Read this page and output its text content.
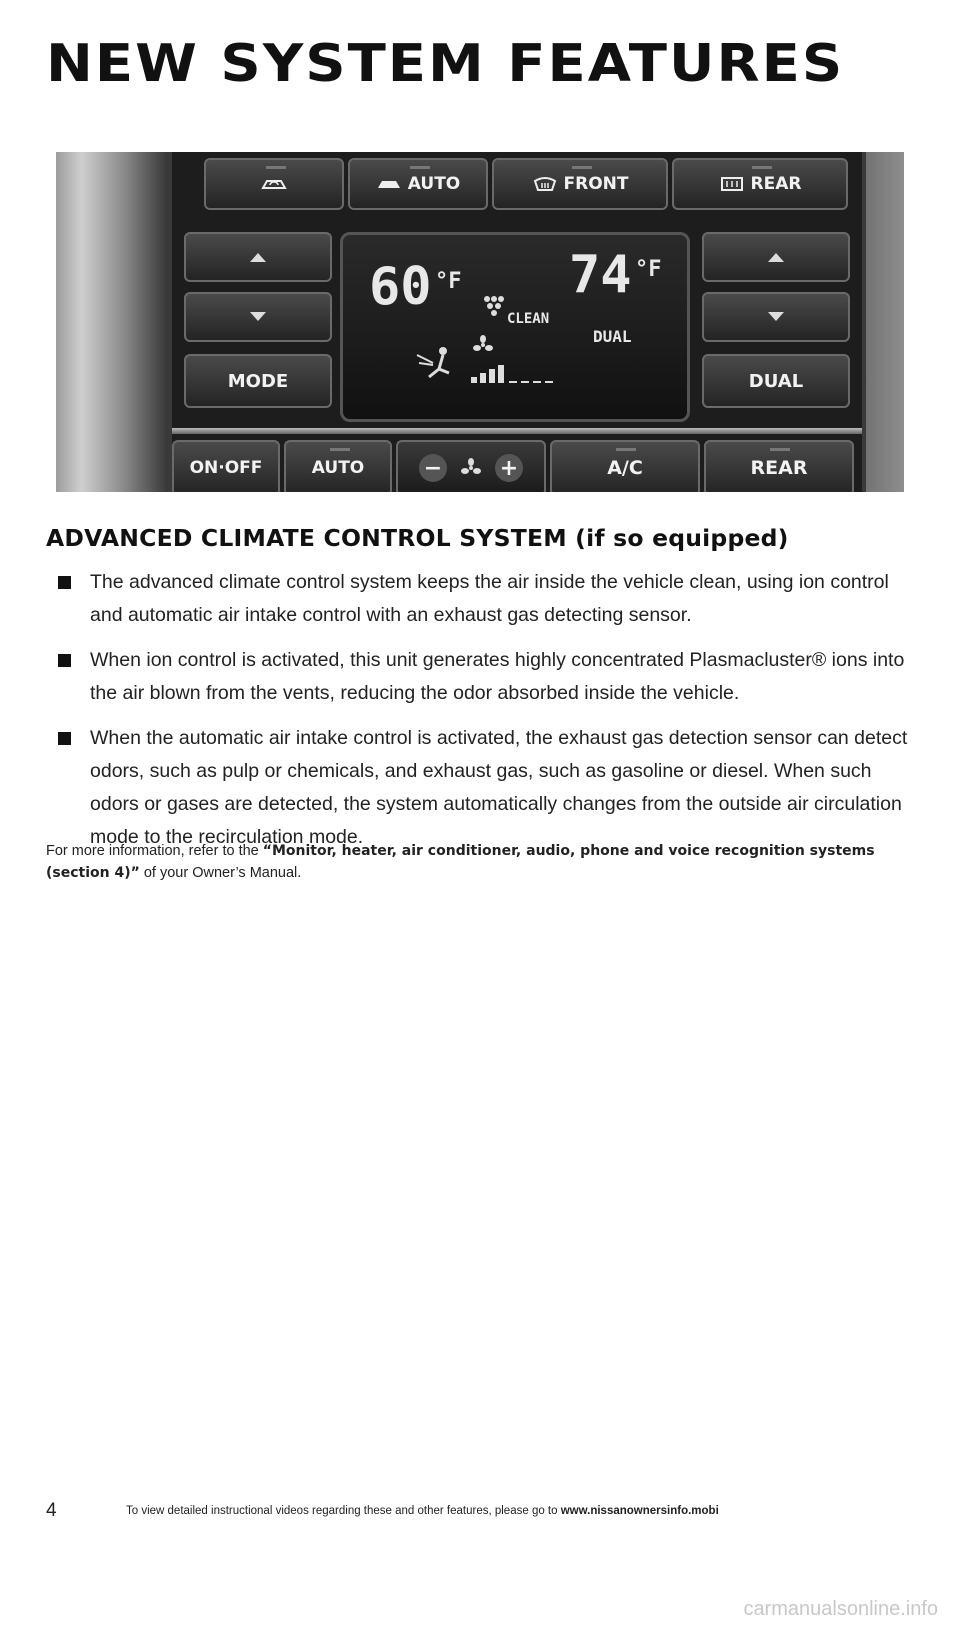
NEW SYSTEM FEATURES
AUTO	FRONT	REAR
MODE
60 °F 74 °F
CLEAN
DUAL
DUAL
ON·OFF	AUTO	−	+	A/C	REAR
ADVANCED CLIMATE CONTROL SYSTEM (if so equipped)
The advanced climate control system keeps the air inside the vehicle clean, using ion control and automatic air intake control with an exhaust gas detecting sensor.
When ion control is activated, this unit generates highly concentrated Plasmacluster® ions into the air blown from the vents, reducing the odor absorbed inside the vehicle.
When the automatic air intake control is activated, the exhaust gas detection sensor can detect odors, such as pulp or chemicals, and exhaust gas, such as gasoline or diesel. When such odors or gases are detected, the system automatically changes from the outside air circulation mode to the recirculation mode.

For more information, refer to the “Monitor, heater, air conditioner, audio, phone and voice recognition systems (section 4)” of your Owner’s Manual.

4	To view detailed instructional videos regarding these and other features, please go to www.nissanownersinfo.mobi
carmanualsonline.info
